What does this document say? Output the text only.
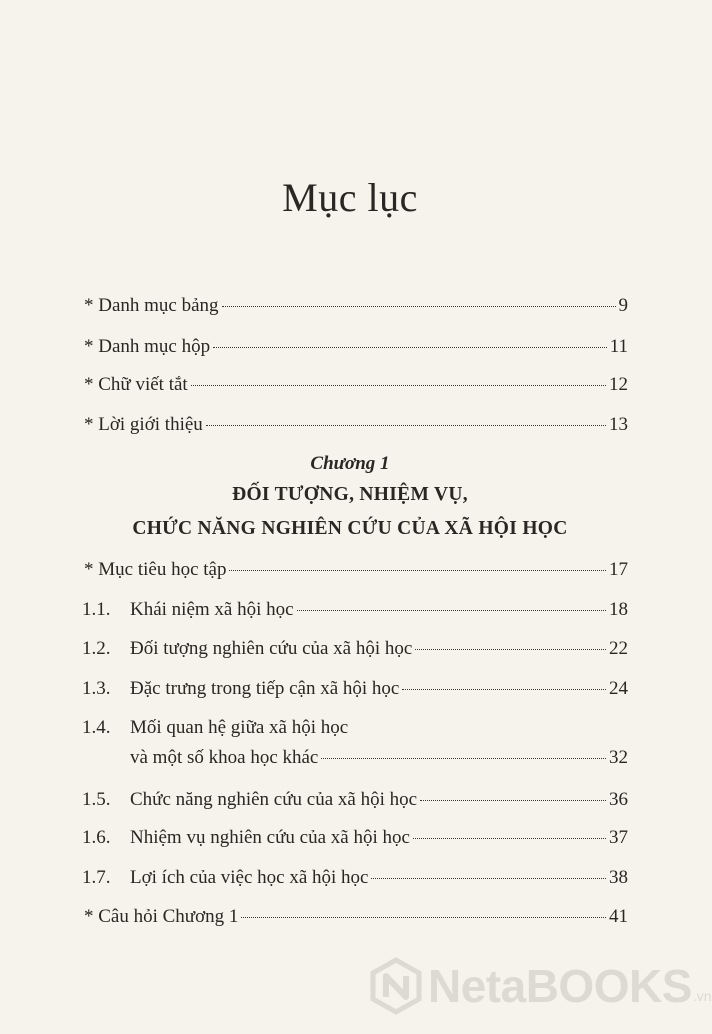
Mục lục
* Danh mục bảng	9
* Danh mục hộp	11
* Chữ viết tắt	12
* Lời giới thiệu	13
Chương 1
ĐỐI TƯỢNG, NHIỆM VỤ,
CHỨC NĂNG NGHIÊN CỨU CỦA XÃ HỘI HỌC
* Mục tiêu học tập	17
1.1.	Khái niệm xã hội học	18
1.2.	Đối tượng nghiên cứu của xã hội học	22
1.3.	Đặc trưng trong tiếp cận xã hội học	24
1.4.	Mối quan hệ giữa xã hội học
và một số khoa học khác	32
1.5.	Chức năng nghiên cứu của xã hội học	36
1.6.	Nhiệm vụ nghiên cứu của xã hội học	37
1.7.	Lợi ích của việc học xã hội học	38
* Câu hỏi Chương 1	41
NetaBOOKS .vn
